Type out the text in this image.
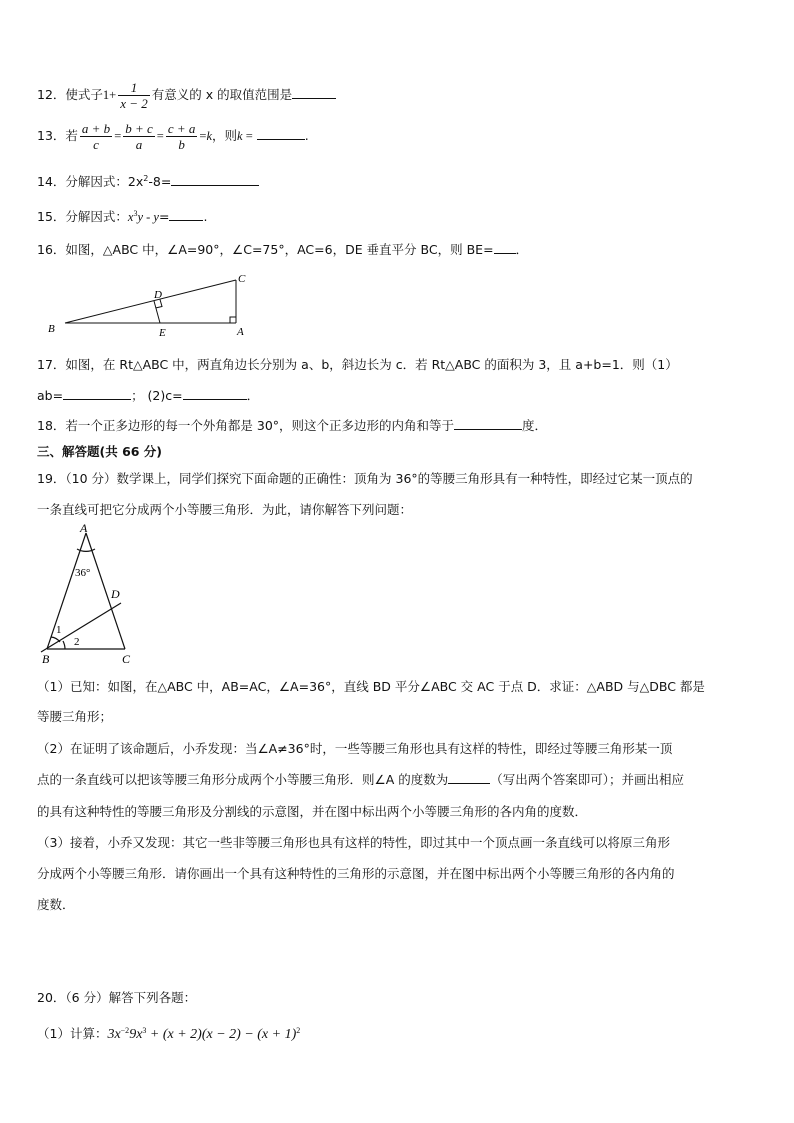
12．使式子$1+ \frac{1}{x - 2}$ 有意义的 x 的取值范围是
13．若 $\frac{a + b}{c} = \frac{b + c}{a} = \frac{c + a}{b} =k$，则k =	.
14．分解因式：$2x^2-8=$
15．分解因式：$x^3y - y=$	.
16．如图，△ABC 中，∠A=90°，∠C=75°，AC=6，DE 垂直平分 BC，则 BE= ．
B
C
D
E	A
17．如图，在 Rt△ABC 中，两直角边长分别为 a、b，斜边长为 c．若 Rt△ABC 的面积为 3，且 a+b=1．则（1）
ab=	； (2)c=	．
18．若一个正多边形的每一个外角都是 30°，则这个正多边形的内角和等于	度．
三、解答题(共 66 分)
19．（10 分）数学课上，同学们探究下面命题的正确性：顶角为 36°的等腰三角形具有一种特性，即经过它某一顶点的
一条直线可把它分成两个小等腰三角形．为此，请你解答下列问题：
A
36°
D
1
2
B	C
（1）已知：如图，在△ABC 中，AB=AC，∠A=36°，直线 BD 平分∠ABC 交 AC 于点 D．求证：△ABD 与△DBC 都是
等腰三角形；
（2）在证明了该命题后，小乔发现：当∠A≠36°时，一些等腰三角形也具有这样的特性，即经过等腰三角形某一顶
点的一条直线可以把该等腰三角形分成两个小等腰三角形．则∠A 的度数为	（写出两个答案即可）；并画出相应
的具有这种特性的等腰三角形及分割线的示意图，并在图中标出两个小等腰三角形的各内角的度数．
（3）接着，小乔又发现：其它一些非等腰三角形也具有这样的特性，即过其中一个顶点画一条直线可以将原三角形
分成两个小等腰三角形．请你画出一个具有这种特性的三角形的示意图，并在图中标出两个小等腰三角形的各内角的
度数．
20．（6 分）解答下列各题：
（1）计算：$3x^{-2}9x^3 + (x + 2)(x - 2) - (x + 1)^2$
